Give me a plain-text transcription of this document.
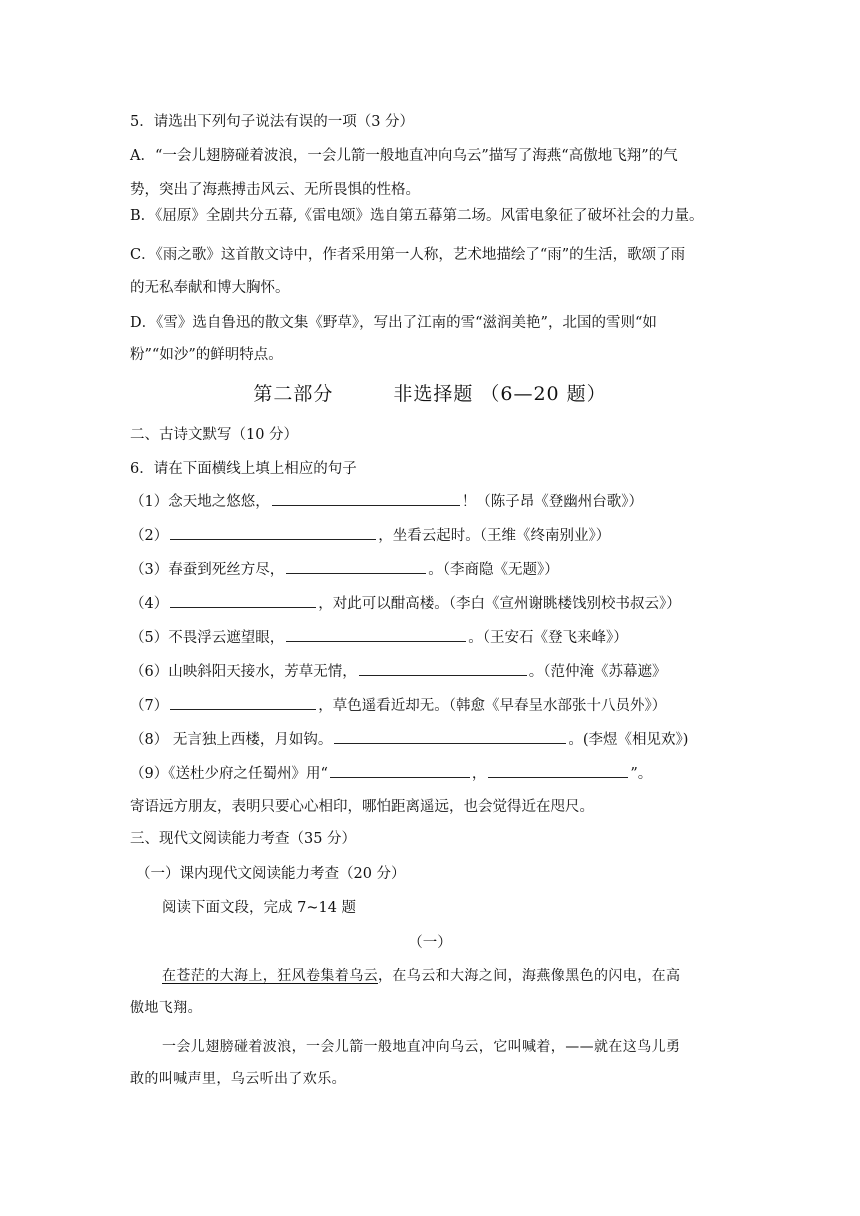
5．请选出下列句子说法有误的一项（3 分）
A．“一会儿翅膀碰着波浪，一会儿箭一般地直冲向乌云”描写了海燕“高傲地飞翔”的气
势，突出了海燕搏击风云、无所畏惧的性格。
B．《屈原》全剧共分五幕,《雷电颂》选自第五幕第二场。风雷电象征了破坏社会的力量。
C．《雨之歌》这首散文诗中，作者采用第一人称，艺术地描绘了“雨”的生活，歌颂了雨
的无私奉献和博大胸怀。
D．《雪》选自鲁迅的散文集《野草》，写出了江南的雪“滋润美艳”，北国的雪则“如
粉”“如沙”的鲜明特点。
第二部分	非选择题 （6—20 题）
二、古诗文默写（10 分）
6．请在下面横线上填上相应的句子
（1）念天地之悠悠，	！（陈子昂《登幽州台歌》）
（2）	，坐看云起时。（王维《终南别业》）
（3）春蚕到死丝方尽，	。（李商隐《无题》）
（4）	，对此可以酣高楼。（李白《宣州谢眺楼饯别校书叔云》）
（5）不畏浮云遮望眼，	。（王安石《登飞来峰》）
（6）山映斜阳天接水，芳草无情，	。（范仲淹《苏幕遮》
（7）	，草色遥看近却无。（韩愈《早春呈水部张十八员外》）
（8） 无言独上西楼，月如钩。	。(李煜《相见欢》)
（9）《送杜少府之任蜀州》用“	，	”。
寄语远方朋友，表明只要心心相印，哪怕距离遥远，也会觉得近在咫尺。
三、现代文阅读能力考查（35 分）
（一）课内现代文阅读能力考查（20 分）
阅读下面文段，完成 7~14 题
（一）
在苍茫的大海上，狂风卷集着乌云，在乌云和大海之间，海燕像黑色的闪电，在高
傲地飞翔。
一会儿翅膀碰着波浪，一会儿箭一般地直冲向乌云，它叫喊着，——就在这鸟儿勇
敢的叫喊声里，乌云听出了欢乐。
